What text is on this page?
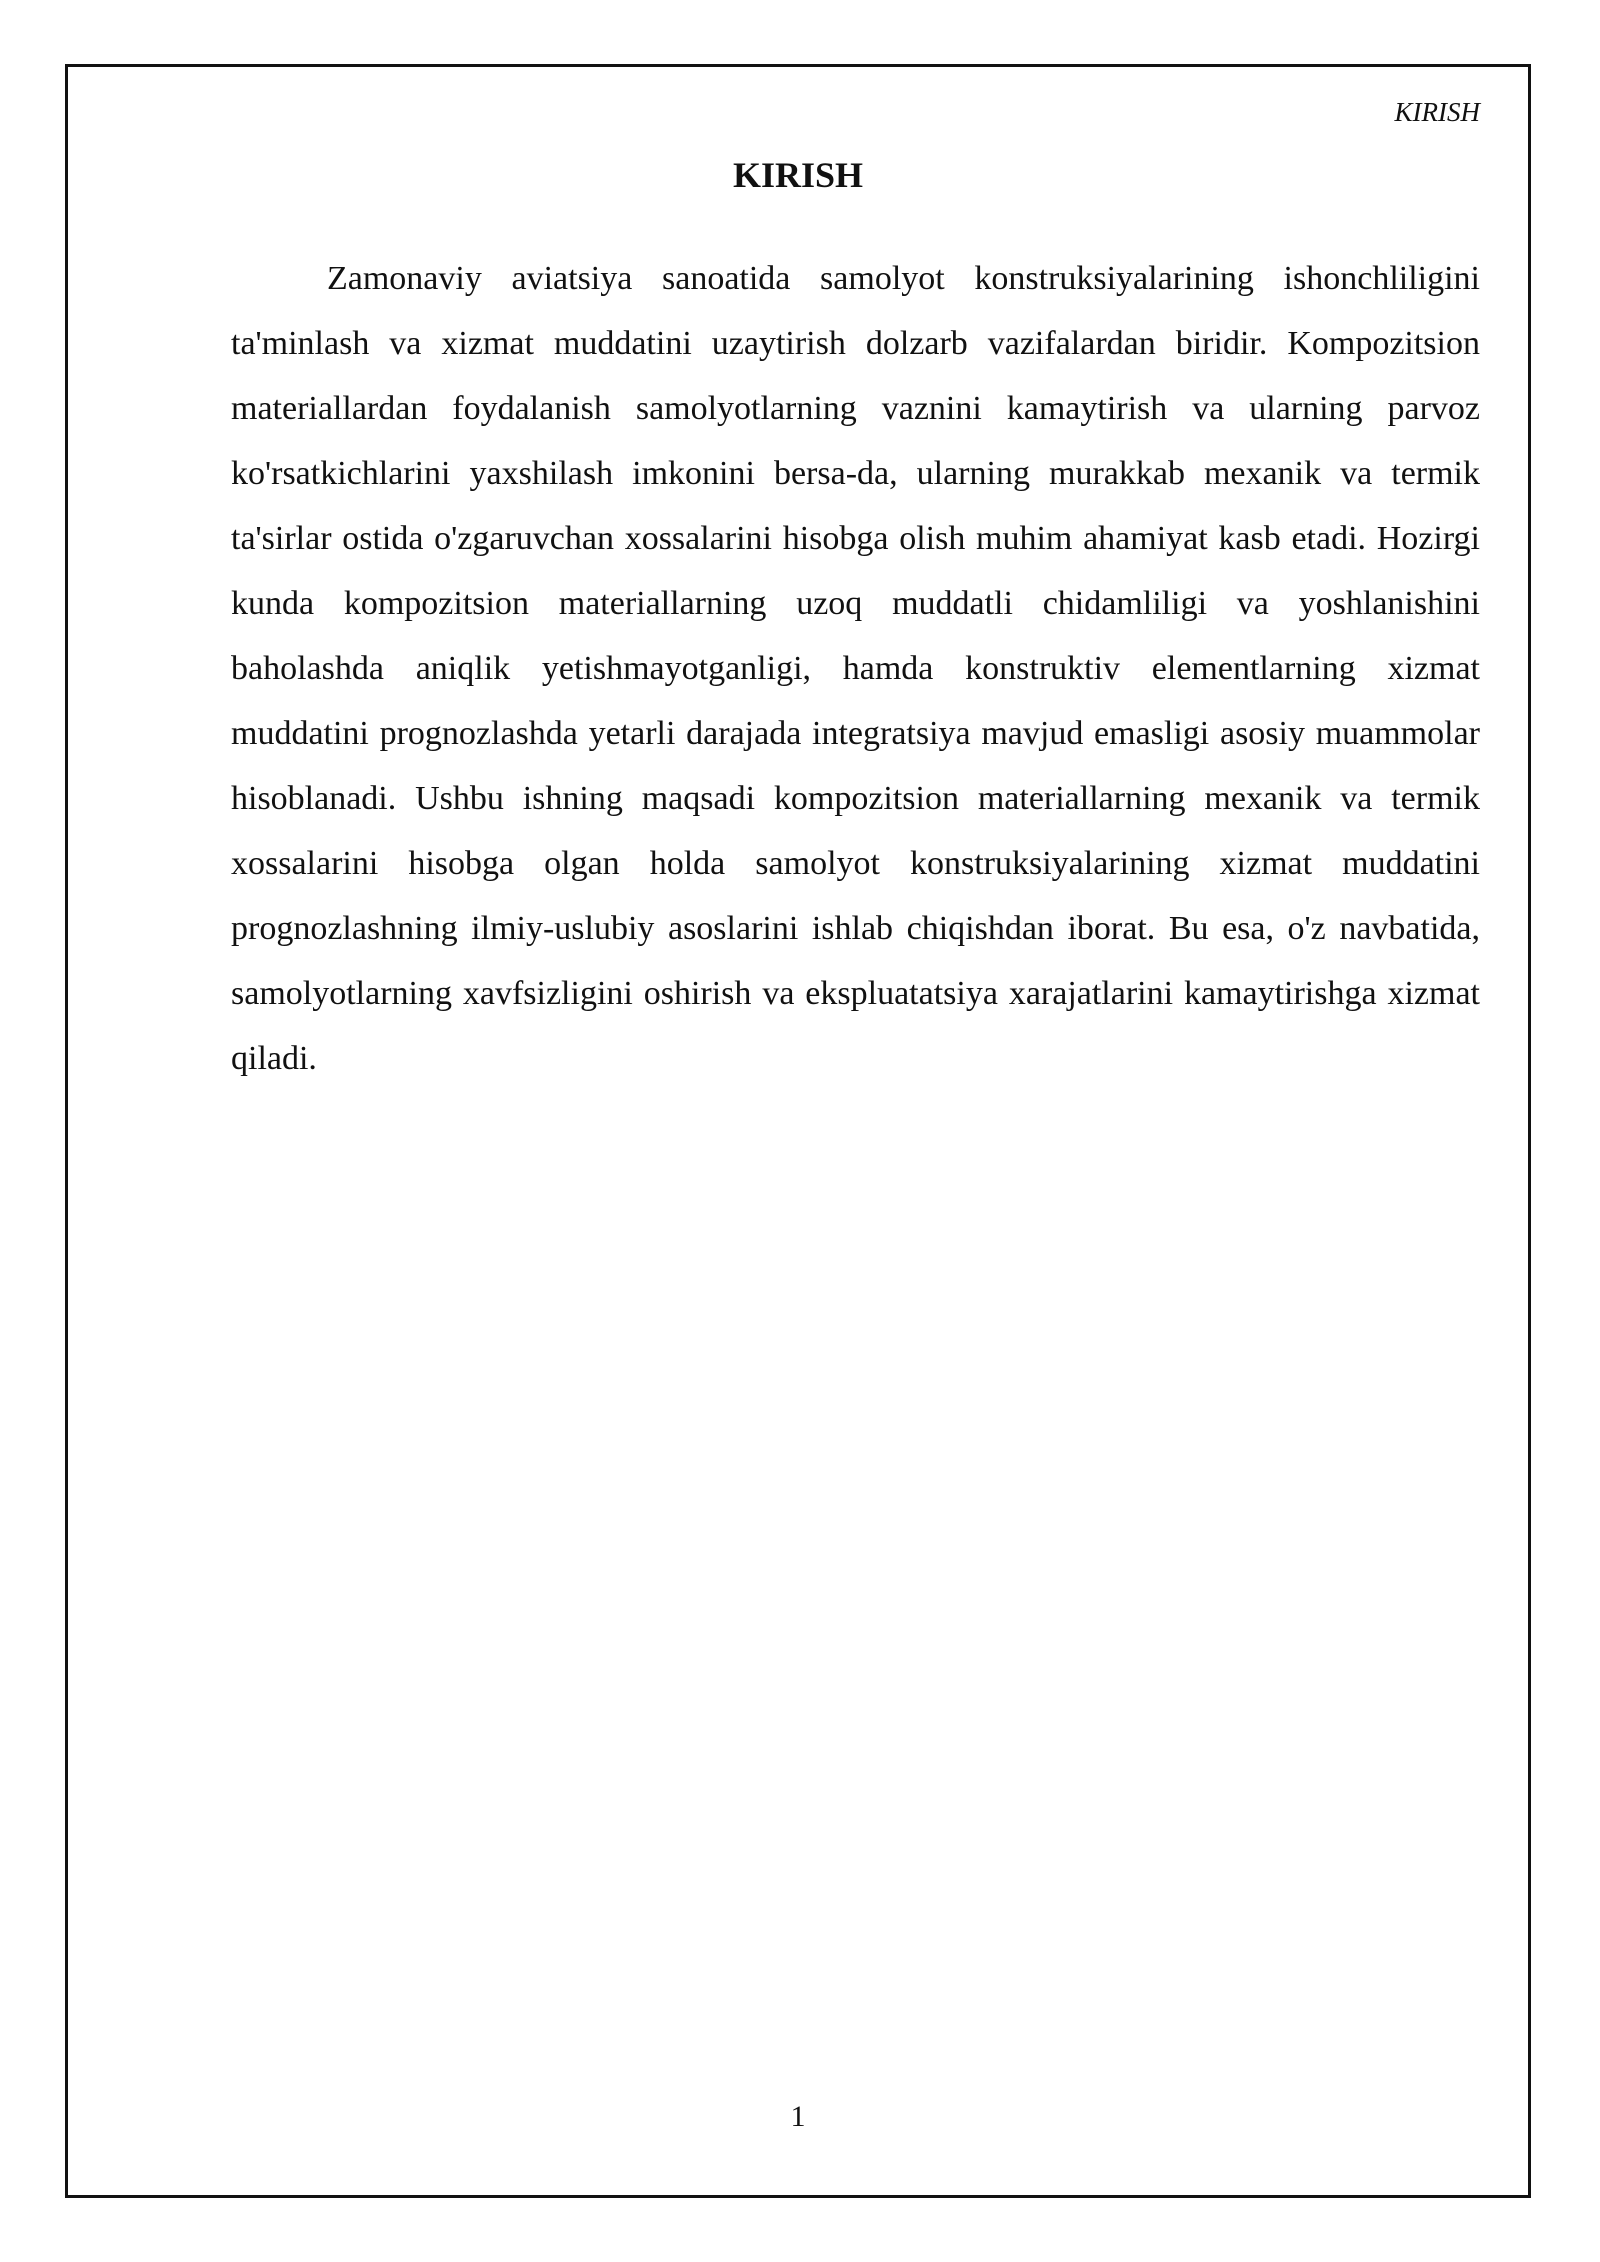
KIRISH
KIRISH

Zamonaviy aviatsiya sanoatida samolyot konstruksiyalarining ishonchliligini ta'minlash va xizmat muddatini uzaytirish dolzarb vazifalardan biridir. Kompozitsion materiallardan foydalanish samolyotlarning vaznini kamaytirish va ularning parvoz ko'rsatkichlarini yaxshilash imkonini bersa-da, ularning murakkab mexanik va termik ta'sirlar ostida o'zgaruvchan xossalarini hisobga olish muhim ahamiyat kasb etadi. Hozirgi kunda kompozitsion materiallarning uzoq muddatli chidamliligi va yoshlanishini baholashda aniqlik yetishmayotganligi, hamda konstruktiv elementlarning xizmat muddatini prognozlashda yetarli darajada integratsiya mavjud emasligi asosiy muammolar hisoblanadi. Ushbu ishning maqsadi kompozitsion materiallarning mexanik va termik xossalarini hisobga olgan holda samolyot konstruksiyalarining xizmat muddatini prognozlashning ilmiy-uslubiy asoslarini ishlab chiqishdan iborat. Bu esa, o'z navbatida, samolyotlarning xavfsizligini oshirish va ekspluatatsiya xarajatlarini kamaytirishga xizmat qiladi.

1
